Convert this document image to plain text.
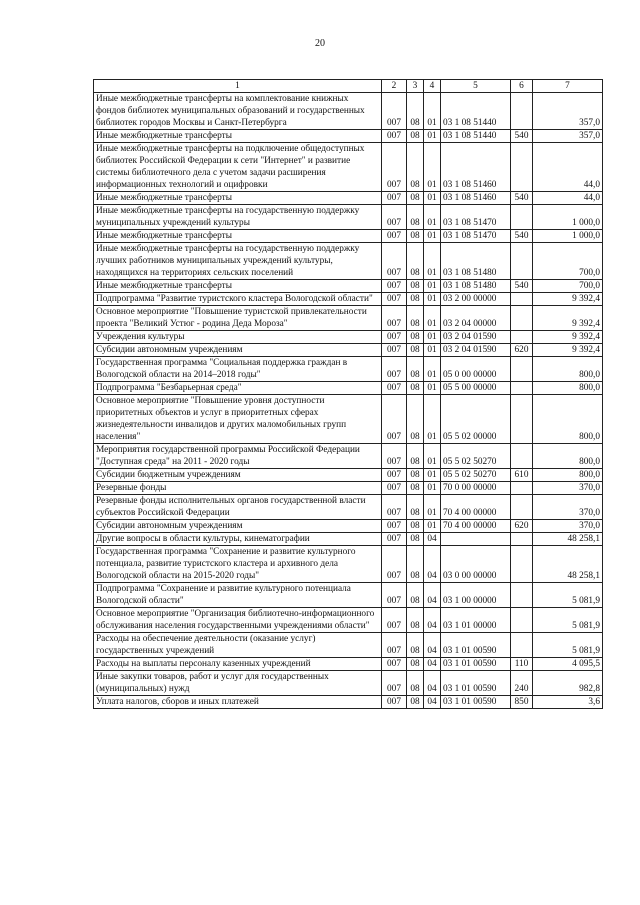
20
1	2	3	4	5	6	7
Иные межбюджетные трансферты на комплектование книжных фондов библиотек муниципальных образований и государственных библиотек городов Москвы и Санкт-Петербурга	007	08	01	03 1 08 51440		357,0
Иные межбюджетные трансферты	007	08	01	03 1 08 51440	540	357,0
Иные межбюджетные трансферты на подключение общедоступных библиотек Российской Федерации к сети "Интернет" и развитие системы библиотечного дела с учетом задачи расширения информационных технологий и оцифровки	007	08	01	03 1 08 51460		44,0
Иные межбюджетные трансферты	007	08	01	03 1 08 51460	540	44,0
Иные межбюджетные трансферты на государственную поддержку муниципальных учреждений культуры	007	08	01	03 1 08 51470		1 000,0
Иные межбюджетные трансферты	007	08	01	03 1 08 51470	540	1 000,0
Иные межбюджетные трансферты на государственную поддержку лучших работников муниципальных учреждений культуры, находящихся на территориях сельских поселений	007	08	01	03 1 08 51480		700,0
Иные межбюджетные трансферты	007	08	01	03 1 08 51480	540	700,0
Подпрограмма "Развитие туристского кластера Вологодской области"	007	08	01	03 2 00 00000		9 392,4
Основное мероприятие "Повышение туристской привлекательности проекта "Великий Устюг - родина Деда Мороза"	007	08	01	03 2 04 00000		9 392,4
Учреждения культуры	007	08	01	03 2 04 01590		9 392,4
Субсидии автономным учреждениям	007	08	01	03 2 04 01590	620	9 392,4
Государственная программа "Социальная поддержка граждан в Вологодской области на 2014–2018 годы"	007	08	01	05 0 00 00000		800,0
Подпрограмма "Безбарьерная среда"	007	08	01	05 5 00 00000		800,0
Основное мероприятие "Повышение уровня доступности приоритетных объектов и услуг в приоритетных сферах жизнедеятельности инвалидов и других маломобильных групп населения"	007	08	01	05 5 02 00000		800,0
Мероприятия государственной программы Российской Федерации "Доступная среда" на 2011 - 2020 годы	007	08	01	05 5 02 50270		800,0
Субсидии бюджетным учреждениям	007	08	01	05 5 02 50270	610	800,0
Резервные фонды	007	08	01	70 0 00 00000		370,0
Резервные фонды исполнительных органов государственной власти субъектов Российской Федерации	007	08	01	70 4 00 00000		370,0
Субсидии автономным учреждениям	007	08	01	70 4 00 00000	620	370,0
Другие вопросы в области культуры, кинематографии	007	08	04			48 258,1
Государственная программа "Сохранение и развитие культурного потенциала, развитие туристского кластера и архивного дела Вологодской области на 2015-2020 годы"	007	08	04	03 0 00 00000		48 258,1
Подпрограмма "Сохранение и развитие культурного потенциала Вологодской области"	007	08	04	03 1 00 00000		5 081,9
Основное мероприятие "Организация библиотечно-информационного обслуживания населения государственными учреждениями области"	007	08	04	03 1 01 00000		5 081,9
Расходы на обеспечение деятельности (оказание услуг) государственных учреждений	007	08	04	03 1 01 00590		5 081,9
Расходы на выплаты персоналу казенных учреждений	007	08	04	03 1 01 00590	110	4 095,5
Иные закупки товаров, работ и услуг для государственных (муниципальных) нужд	007	08	04	03 1 01 00590	240	982,8
Уплата налогов, сборов и иных платежей	007	08	04	03 1 01 00590	850	3,6
